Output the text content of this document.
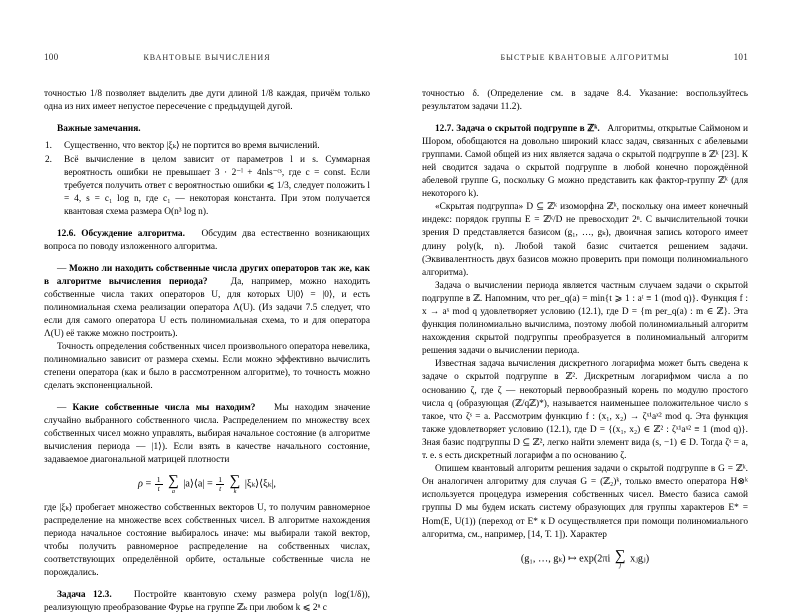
100	КВАНТОВЫЕ ВЫЧИСЛЕНИЯ

точностью 1/8 позволяет выделить две дуги длиной 1/8 каждая, причём только одна из них имеет непустое пересечение с предыдущей дугой.

Важные замечания.

Существенно, что вектор |ξₖ⟩ не портится во время вычислений.
Всё вычисление в целом зависит от параметров l и s. Суммарная вероятность ошибки не превышает 3 · 2⁻ˡ + 4nls⁻ᶜˢ, где c = const. Если требуется получить ответ с вероятностью ошибки ⩽ 1/3, следует положить l = 4, s = c₁ log n, где c₁ — некоторая константа. При этом получается квантовая схема размера O(n³ log n).

12.6. Обсуждение алгоритма. Обсудим два естественно возникающих вопроса по поводу изложенного алгоритма.

— Можно ли находить собственные числа других операторов так же, как в алгоритме вычисления периода? Да, например, можно находить собственные числа таких операторов U, для которых U|0⟩ = |0⟩, и есть полиномиальная схема реализации оператора Λ(U). (Из задачи 7.5 следует, что если для самого оператора U есть полиномиальная схема, то и для оператора Λ(U) её также можно построить).

Точность определения собственных чисел произвольного оператора невелика, полиномиально зависит от размера схемы. Если можно эффективно вычислить степени оператора (как и было в рассмотренном алгоритме), то точность можно сделать экспоненциальной.

— Какие собственные числа мы находим? Мы находим значение случайно выбранного собственного числа. Распределением по множеству всех собственных чисел можно управлять, выбирая начальное состояние (в алгоритме вычисления периода — |1⟩). Если взять в качестве начального состояние, задаваемое диагональной матрицей плотности

$\rho = \frac{1}{t}$
∑
a
|a⟩⟨a| = $\frac{1}{t}$
∑
k
|ξₖ⟩⟨ξₖ|,

где |ξₖ⟩ пробегает множество собственных векторов U, то получим равномерное распределение на множестве всех собственных чисел. В алгоритме нахождения периода начальное состояние выбиралось иначе: мы выбирали такой вектор, чтобы получить равномерное распределение на собственных числах, соответствующих определённой орбите, остальные собственные числа не порождались.

Задача 12.3. Постройте квантовую схему размера poly(n log(1/δ)), реализующую преобразование Фурье на группе ℤₖ при любом k ⩽ 2ⁿ с

БЫСТРЫЕ КВАНТОВЫЕ АЛГОРИТМЫ	101

точностью δ. (Определение см. в задаче 8.4. Указание: воспользуйтесь результатом задачи 11.2).

12.7. Задача о скрытой подгруппе в ℤᵏ. Алгоритмы, открытые Саймоном и Шором, обобщаются на довольно широкий класс задач, связанных с абелевыми группами. Самой общей из них является задача о скрытой подгруппе в ℤᵏ [23]. К ней сводится задача о скрытой подгруппе в любой конечно порождённой абелевой группе G, поскольку G можно представить как фактор-группу ℤᵏ (для некоторого k).

«Скрытая подгруппа» D ⊆ ℤᵏ изоморфна ℤᵏ, поскольку она имеет конечный индекс: порядок группы E = ℤᵏ/D не превосходит 2ⁿ. С вычислительной точки зрения D представляется базисом (g₁, …, gₖ), двоичная запись которого имеет длину poly(k, n). Любой такой базис считается решением задачи. (Эквивалентность двух базисов можно проверить при помощи полиномиального алгоритма).

Задача о вычислении периода является частным случаем задачи о скрытой подгруппе в ℤ. Напомним, что per_q(a) = min{t ⩾ 1 : aᵗ ≡ 1 (mod q)}. Функция f : x → aˣ mod q удовлетворяет условию (12.1), где D = {m per_q(a) : m ∈ ℤ}. Эта функция полиномиально вычислима, поэтому любой полиномиальный алгоритм нахождения скрытой подгруппы преобразуется в полиномиальный алгоритм решения задачи о вычислении периода.

Известная задача вычисления дискретного логарифма может быть сведена к задаче о скрытой подгруппе в ℤ². Дискретным логарифмом числа a по основанию ζ, где ζ — некоторый первообразный корень по модулю простого числа q (образующая (ℤ/qℤ)*), называется наименьшее положительное число s такое, что ζˢ = a. Рассмотрим функцию f : (x₁, x₂) → ζˣ¹aˣ² mod q. Эта функция также удовлетворяет условию (12.1), где D = {(x₁, x₂) ∈ ℤ² : ζˣ¹aˣ² ≡ 1 (mod q)}. Зная базис подгруппы D ⊆ ℤ², легко найти элемент вида (s, −1) ∈ D. Тогда ζˢ = a, т. е. s есть дискретный логарифм a по основанию ζ.

Опишем квантовый алгоритм решения задачи о скрытой подгруппе в G = ℤᵏ. Он аналогичен алгоритму для случая G = (ℤ₂)ᵏ, только вместо оператора H⊗ᵏ используется процедура измерения собственных чисел. Вместо базиса самой группы D мы будем искать систему образующих для группы характеров E* = Hom(E, U(1)) (переход от E* к D осуществляется при помощи полиномиального алгоритма, см., например, [14, Т. 1]). Характер

(g₁, …, gₖ) ↦ exp(2πi ∑
j
xⱼgⱼ)
